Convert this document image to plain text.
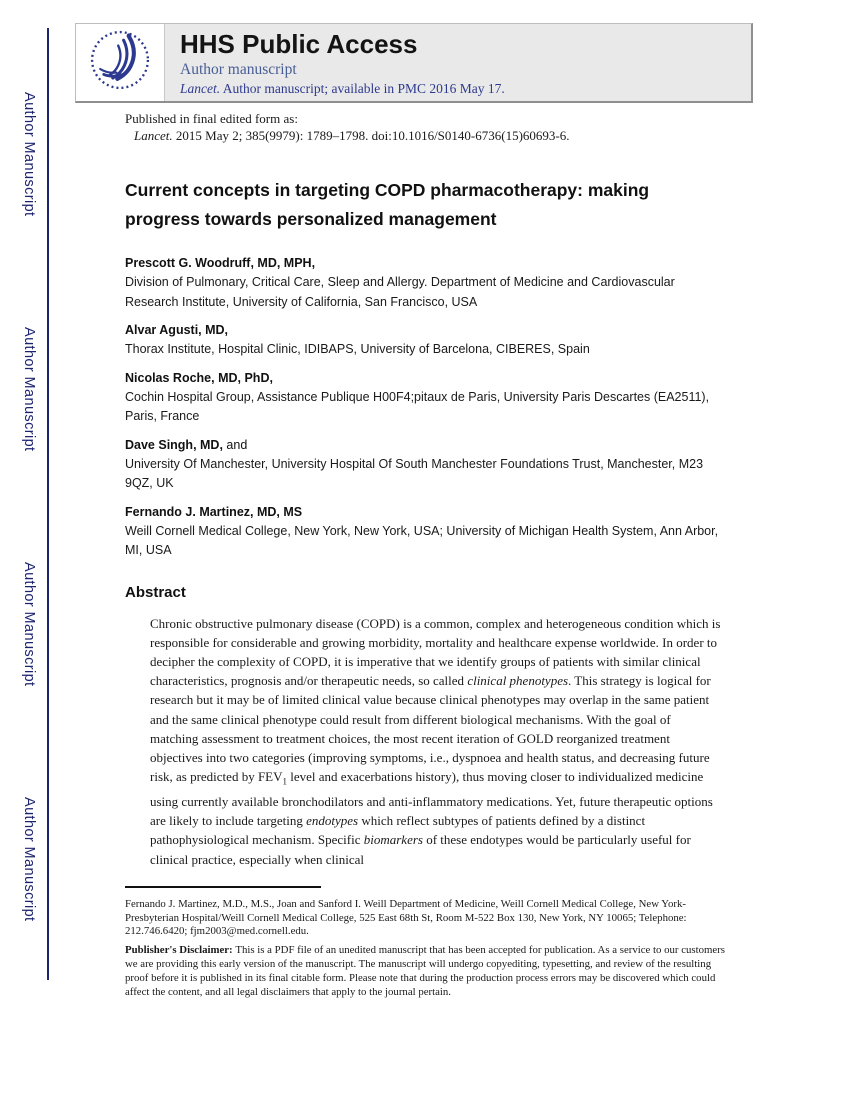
Author Manuscript
Author Manuscript
Author Manuscript
Author Manuscript
HHS Public Access
Author manuscript
Lancet. Author manuscript; available in PMC 2016 May 17.
Published in final edited form as:
Lancet. 2015 May 2; 385(9979): 1789–1798. doi:10.1016/S0140-6736(15)60693-6.
Current concepts in targeting COPD pharmacotherapy: making progress towards personalized management
Prescott G. Woodruff, MD, MPH,
Division of Pulmonary, Critical Care, Sleep and Allergy. Department of Medicine and Cardiovascular Research Institute, University of California, San Francisco, USA
Alvar Agusti, MD,
Thorax Institute, Hospital Clinic, IDIBAPS, University of Barcelona, CIBERES, Spain
Nicolas Roche, MD, PhD,
Cochin Hospital Group, Assistance Publique H00F4;pitaux de Paris, University Paris Descartes (EA2511), Paris, France
Dave Singh, MD, and
University Of Manchester, University Hospital Of South Manchester Foundations Trust, Manchester, M23 9QZ, UK
Fernando J. Martinez, MD, MS
Weill Cornell Medical College, New York, New York, USA; University of Michigan Health System, Ann Arbor, MI, USA
Abstract
Chronic obstructive pulmonary disease (COPD) is a common, complex and heterogeneous condition which is responsible for considerable and growing morbidity, mortality and healthcare expense worldwide. In order to decipher the complexity of COPD, it is imperative that we identify groups of patients with similar clinical characteristics, prognosis and/or therapeutic needs, so called clinical phenotypes. This strategy is logical for research but it may be of limited clinical value because clinical phenotypes may overlap in the same patient and the same clinical phenotype could result from different biological mechanisms. With the goal of matching assessment to treatment choices, the most recent iteration of GOLD reorganized treatment objectives into two categories (improving symptoms, i.e., dyspnoea and health status, and decreasing future risk, as predicted by $FEV_1$ level and exacerbations history), thus moving closer to individualized medicine using currently available bronchodilators and anti-inflammatory medications. Yet, future therapeutic options are likely to include targeting endotypes which reflect subtypes of patients defined by a distinct pathophysiological mechanism. Specific biomarkers of these endotypes would be particularly useful for clinical practice, especially when clinical
Fernando J. Martinez, M.D., M.S., Joan and Sanford I. Weill Department of Medicine, Weill Cornell Medical College, New York-Presbyterian Hospital/Weill Cornell Medical College, 525 East 68th St, Room M-522 Box 130, New York, NY 10065; Telephone: 212.746.6420; fjm2003@med.cornell.edu.
Publisher's Disclaimer: This is a PDF file of an unedited manuscript that has been accepted for publication. As a service to our customers we are providing this early version of the manuscript. The manuscript will undergo copyediting, typesetting, and review of the resulting proof before it is published in its final citable form. Please note that during the production process errors may be discovered which could affect the content, and all legal disclaimers that apply to the journal pertain.
